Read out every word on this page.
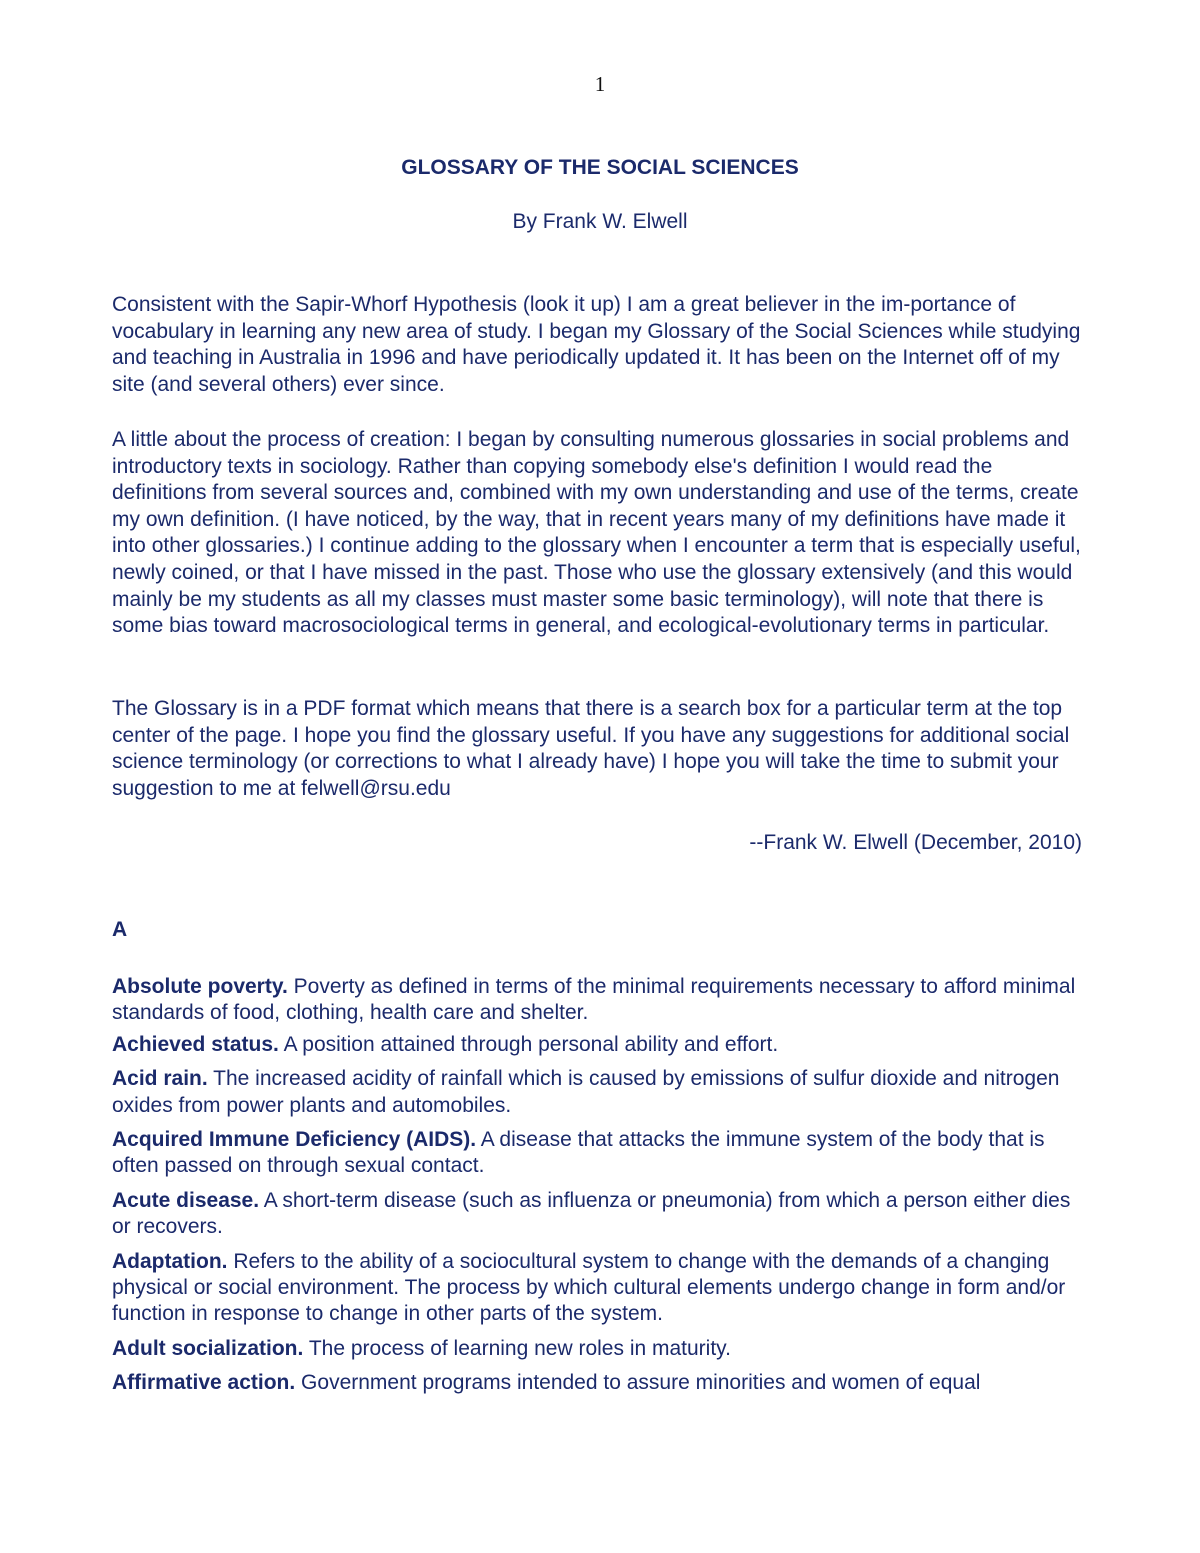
1
GLOSSARY OF THE SOCIAL SCIENCES
By Frank W. Elwell
Consistent with the Sapir-Whorf Hypothesis (look it up) I am a great believer in the im-portance of vocabulary in learning any new area of study. I began my Glossary of the Social Sciences while studying and teaching in Australia in 1996 and have periodically updated it. It has been on the Internet off of my site (and several others) ever since.
A little about the process of creation: I began by consulting numerous glossaries in social problems and introductory texts in sociology. Rather than copying somebody else's definition I would read the definitions from several sources and, combined with my own understanding and use of the terms, create my own definition. (I have noticed, by the way, that in recent years many of my definitions have made it into other glossaries.) I continue adding to the glossary when I encounter a term that is especially useful, newly coined, or that I have missed in the past. Those who use the glossary extensively (and this would mainly be my students as all my classes must master some basic terminology), will note that there is some bias toward macrosociological terms in general, and ecological-evolutionary terms in particular.
The Glossary is in a PDF format which means that there is a search box for a particular term at the top center of the page. I hope you find the glossary useful. If you have any suggestions for additional social science terminology (or corrections to what I already have) I hope you will take the time to submit your suggestion to me at felwell@rsu.edu
--Frank W. Elwell (December, 2010)
A

Absolute poverty. Poverty as defined in terms of the minimal requirements necessary to afford minimal standards of food, clothing, health care and shelter.

Achieved status. A position attained through personal ability and effort.

Acid rain. The increased acidity of rainfall which is caused by emissions of sulfur dioxide and nitrogen oxides from power plants and automobiles.

Acquired Immune Deficiency (AIDS). A disease that attacks the immune system of the body that is often passed on through sexual contact.

Acute disease. A short-term disease (such as influenza or pneumonia) from which a person either dies or recovers.

Adaptation. Refers to the ability of a sociocultural system to change with the demands of a changing physical or social environment. The process by which cultural elements undergo change in form and/or function in response to change in other parts of the system.

Adult socialization. The process of learning new roles in maturity.

Affirmative action. Government programs intended to assure minorities and women of equal
